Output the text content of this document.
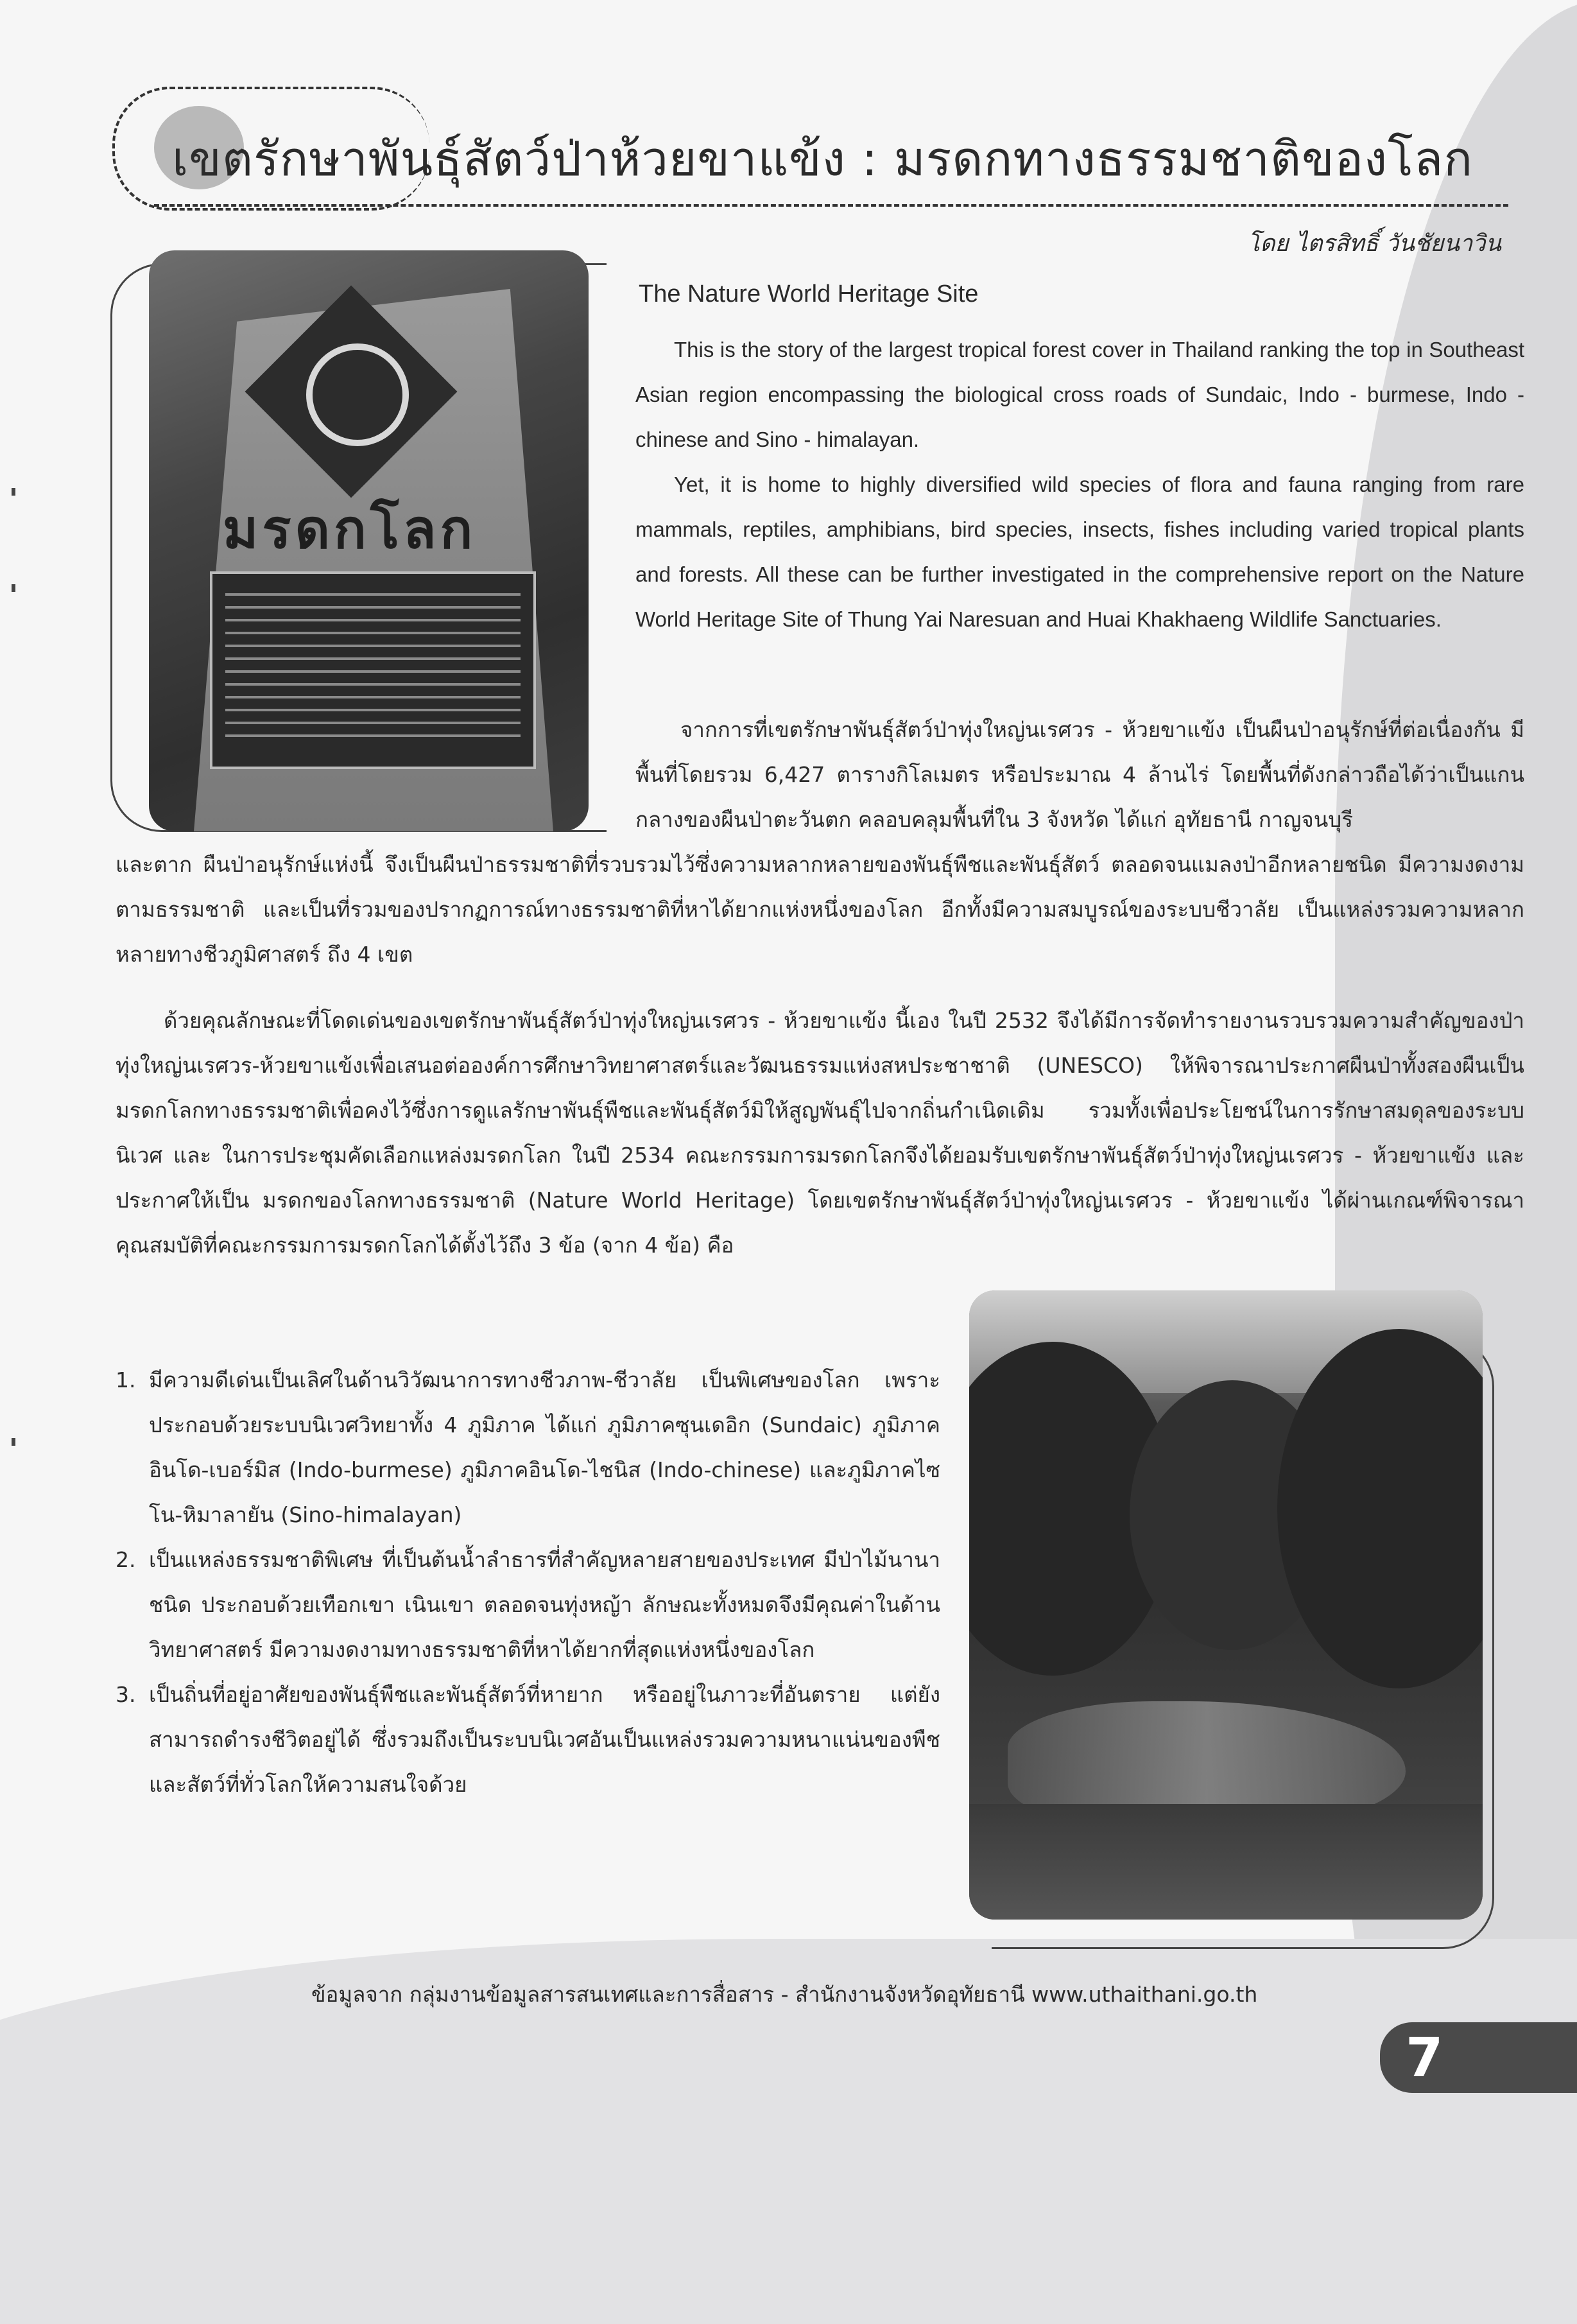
เขตรักษาพันธุ์สัตว์ป่าห้วยขาแข้ง : มรดกทางธรรมชาติของโลก
โดย ไตรสิทธิ์ วันชัยนาวิน
มรดกโลก
The Nature World Heritage Site

This is the story of the largest tropical forest cover in Thailand ranking the top in Southeast Asian region encompassing the biological cross roads of Sundaic, Indo - burmese, Indo - chinese and Sino - himalayan.

Yet, it is home to highly diversified wild species of flora and fauna ranging from rare mammals, reptiles, amphibians, bird species, insects, fishes including varied tropical plants and forests. All these can be further investigated in the comprehensive report on the Nature World Heritage Site of Thung Yai Naresuan and Huai Khakhaeng Wildlife Sanctuaries.

จากการที่เขตรักษาพันธุ์สัตว์ป่าทุ่งใหญ่นเรศวร - ห้วยขาแข้ง เป็นผืนป่าอนุรักษ์ที่ต่อเนื่องกัน มีพื้นที่โดยรวม 6,427 ตารางกิโลเมตร หรือประมาณ 4 ล้านไร่ โดยพื้นที่ดังกล่าวถือได้ว่าเป็นแกนกลางของผืนป่าตะวันตก คลอบคลุมพื้นที่ใน 3 จังหวัด ได้แก่ อุทัยธานี กาญจนบุรี

และตาก ผืนป่าอนุรักษ์แห่งนี้ จึงเป็นผืนป่าธรรมชาติที่รวบรวมไว้ซึ่งความหลากหลายของพันธุ์พืชและพันธุ์สัตว์ ตลอดจนแมลงป่าอีกหลายชนิด มีความงดงามตามธรรมชาติ และเป็นที่รวมของปรากฏการณ์ทางธรรมชาติที่หาได้ยากแห่งหนึ่งของโลก อีกทั้งมีความสมบูรณ์ของระบบชีวาลัย เป็นแหล่งรวมความหลากหลายทางชีวภูมิศาสตร์ ถึง 4 เขต

ด้วยคุณลักษณะที่โดดเด่นของเขตรักษาพันธุ์สัตว์ป่าทุ่งใหญ่นเรศวร - ห้วยขาแข้ง นี้เอง ในปี 2532 จึงได้มีการจัดทำรายงานรวบรวมความสำคัญของป่าทุ่งใหญ่นเรศวร-ห้วยขาแข้งเพื่อเสนอต่อองค์การศึกษาวิทยาศาสตร์และวัฒนธรรมแห่งสหประชาชาติ (UNESCO) ให้พิจารณาประกาศผืนป่าทั้งสองผืนเป็นมรดกโลกทางธรรมชาติเพื่อคงไว้ซึ่งการดูแลรักษาพันธุ์พืชและพันธุ์สัตว์มิให้สูญพันธุ์ไปจากถิ่นกำเนิดเดิม รวมทั้งเพื่อประโยชน์ในการรักษาสมดุลของระบบนิเวศ และ ในการประชุมคัดเลือกแหล่งมรดกโลก ในปี 2534 คณะกรรมการมรดกโลกจึงได้ยอมรับเขตรักษาพันธุ์สัตว์ป่าทุ่งใหญ่นเรศวร - ห้วยขาแข้ง และ ประกาศให้เป็น มรดกของโลกทางธรรมชาติ (Nature World Heritage) โดยเขตรักษาพันธุ์สัตว์ป่าทุ่งใหญ่นเรศวร - ห้วยขาแข้ง ได้ผ่านเกณฑ์พิจารณาคุณสมบัติที่คณะกรรมการมรดกโลกได้ตั้งไว้ถึง 3 ข้อ (จาก 4 ข้อ) คือ

1. มีความดีเด่นเป็นเลิศในด้านวิวัฒนาการทางชีวภาพ-ชีวาลัย เป็นพิเศษของโลก เพราะประกอบด้วยระบบนิเวศวิทยาทั้ง 4 ภูมิภาค ได้แก่ ภูมิภาคซุนเดอิก (Sundaic) ภูมิภาคอินโด-เบอร์มิส (Indo-burmese) ภูมิภาคอินโด-ไชนิส (Indo-chinese) และภูมิภาคไซโน-หิมาลายัน (Sino-himalayan)
2. เป็นแหล่งธรรมชาติพิเศษ ที่เป็นต้นน้ำลำธารที่สำคัญหลายสายของประเทศ มีป่าไม้นานาชนิด ประกอบด้วยเทือกเขา เนินเขา ตลอดจนทุ่งหญ้า ลักษณะทั้งหมดจึงมีคุณค่าในด้านวิทยาศาสตร์ มีความงดงามทางธรรมชาติที่หาได้ยากที่สุดแห่งหนึ่งของโลก
3. เป็นถิ่นที่อยู่อาศัยของพันธุ์พืชและพันธุ์สัตว์ที่หายาก หรืออยู่ในภาวะที่อันตราย แต่ยังสามารถดำรงชีวิตอยู่ได้ ซึ่งรวมถึงเป็นระบบนิเวศอันเป็นแหล่งรวมความหนาแน่นของพืชและสัตว์ที่ทั่วโลกให้ความสนใจด้วย
ข้อมูลจาก กลุ่มงานข้อมูลสารสนเทศและการสื่อสาร - สำนักงานจังหวัดอุทัยธานี www.uthaithani.go.th
7
